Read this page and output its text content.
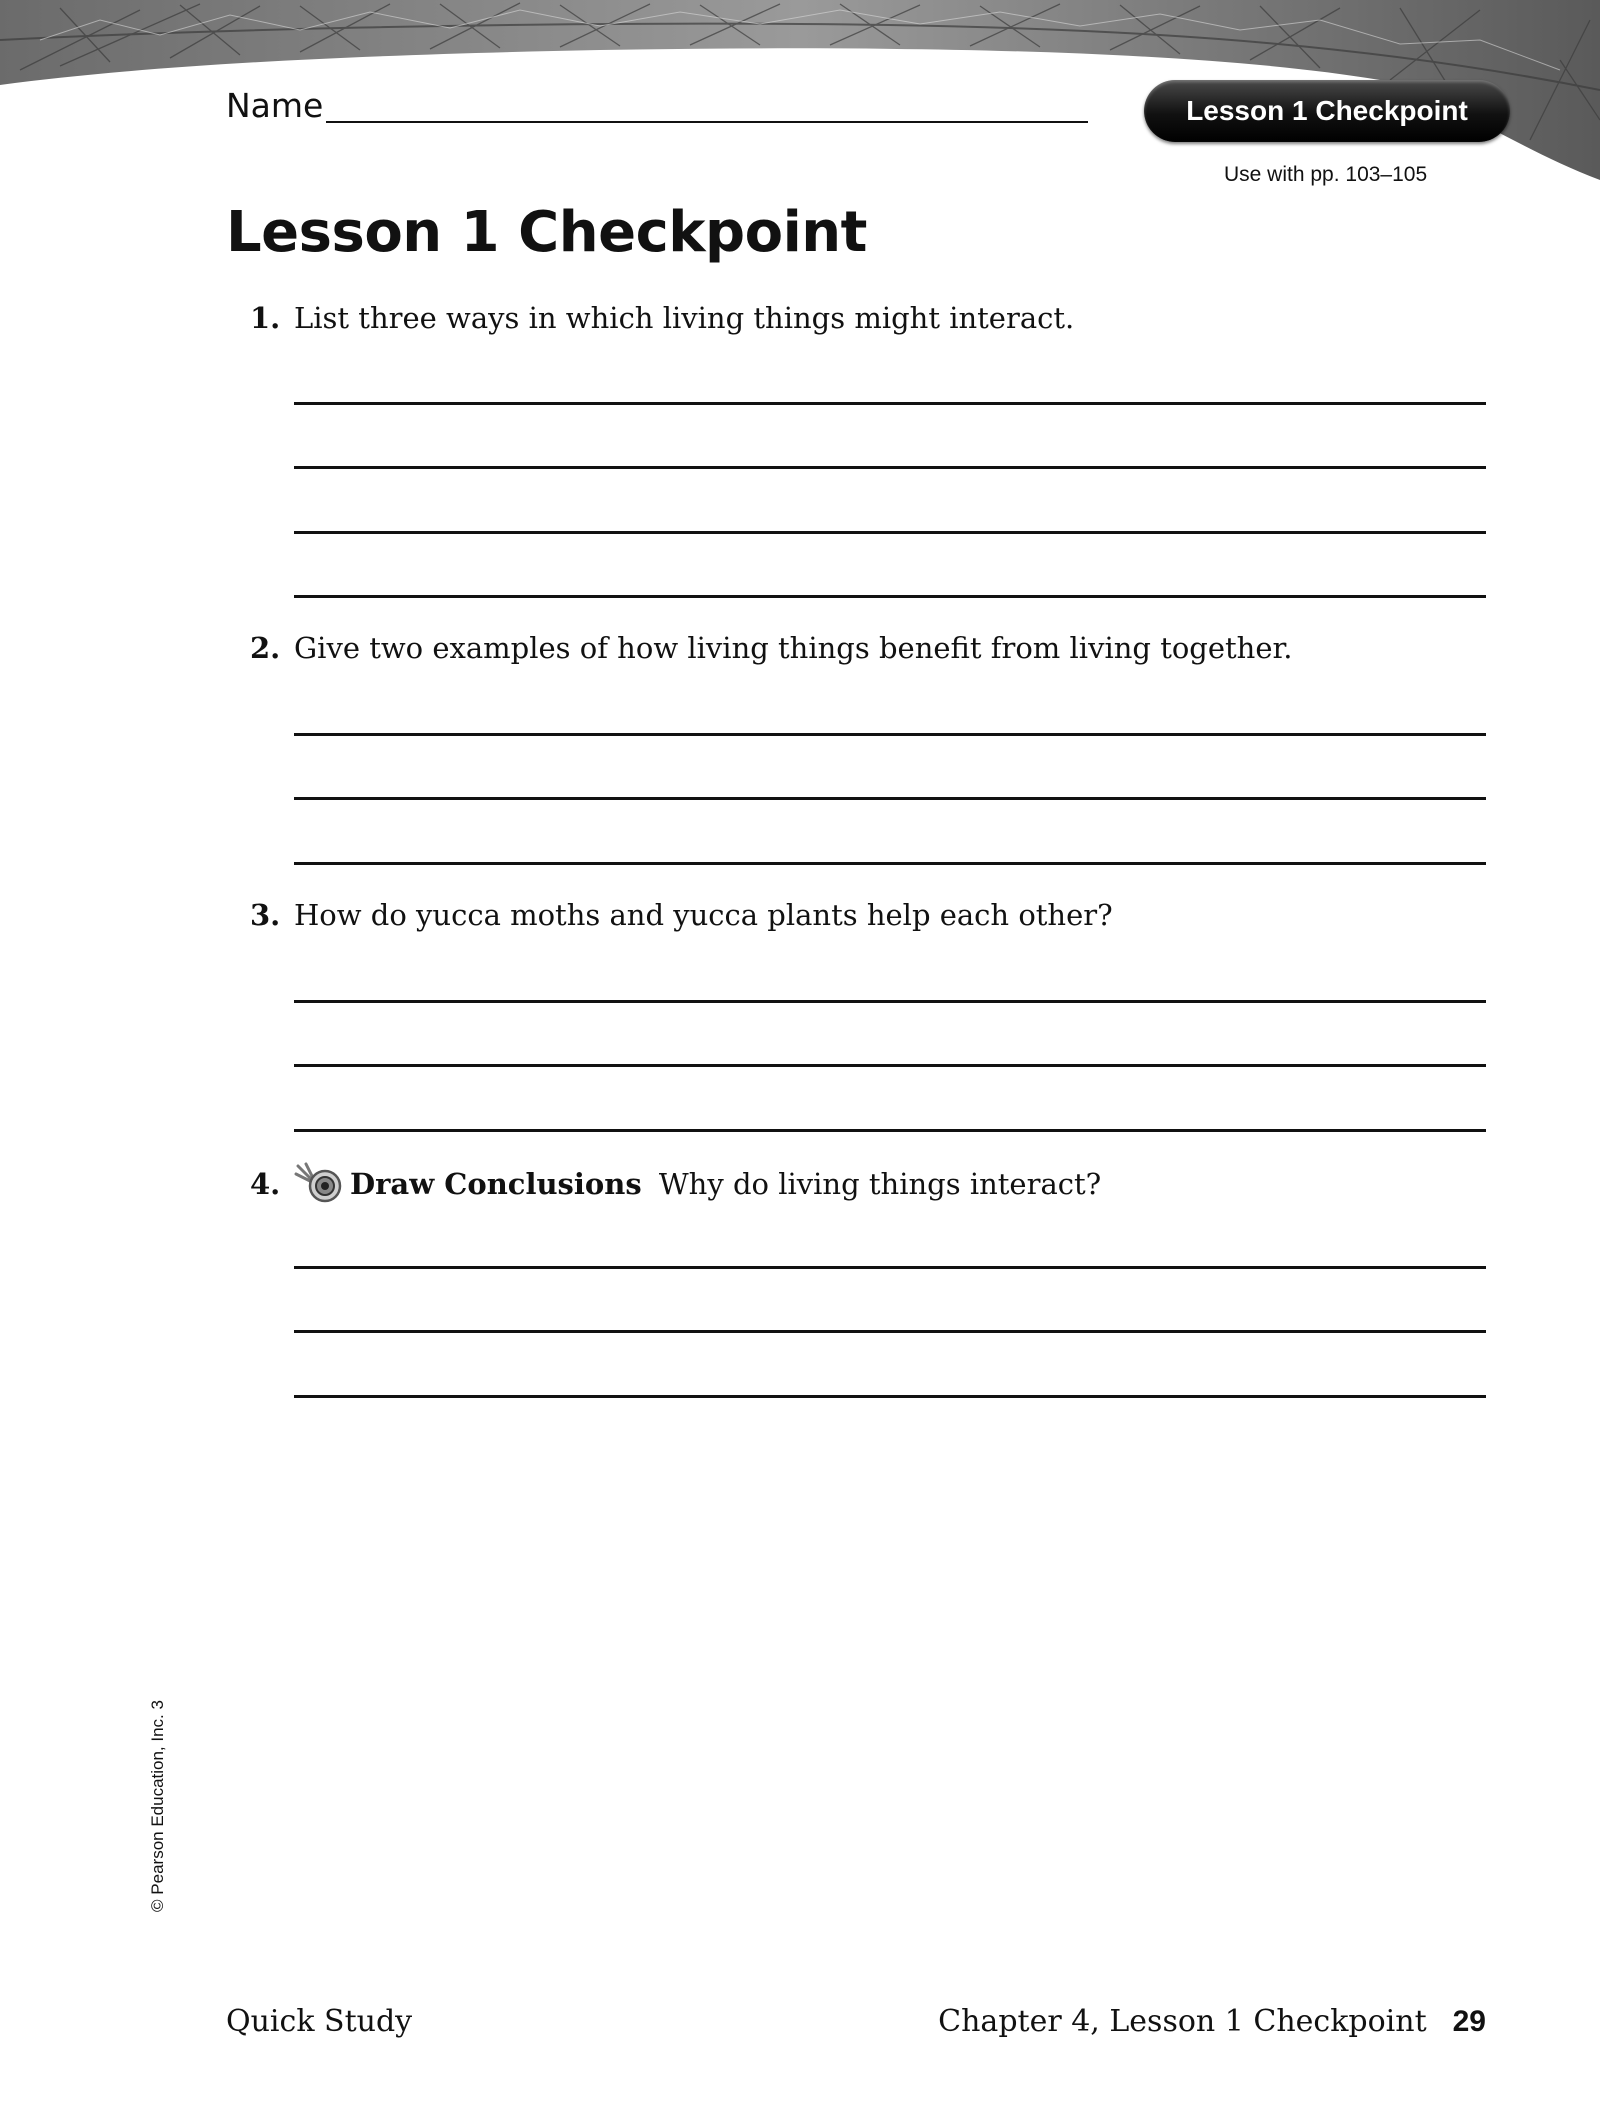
Name	Lesson 1 Checkpoint
Use with pp. 103–105
Lesson 1 Checkpoint
1. List three ways in which living things might interact.
2. Give two examples of how living things benefit from living together.
3. How do yucca moths and yucca plants help each other?
4. Draw Conclusions Why do living things interact?
© Pearson Education, Inc. 3
Quick Study	Chapter 4, Lesson 1 Checkpoint 29
